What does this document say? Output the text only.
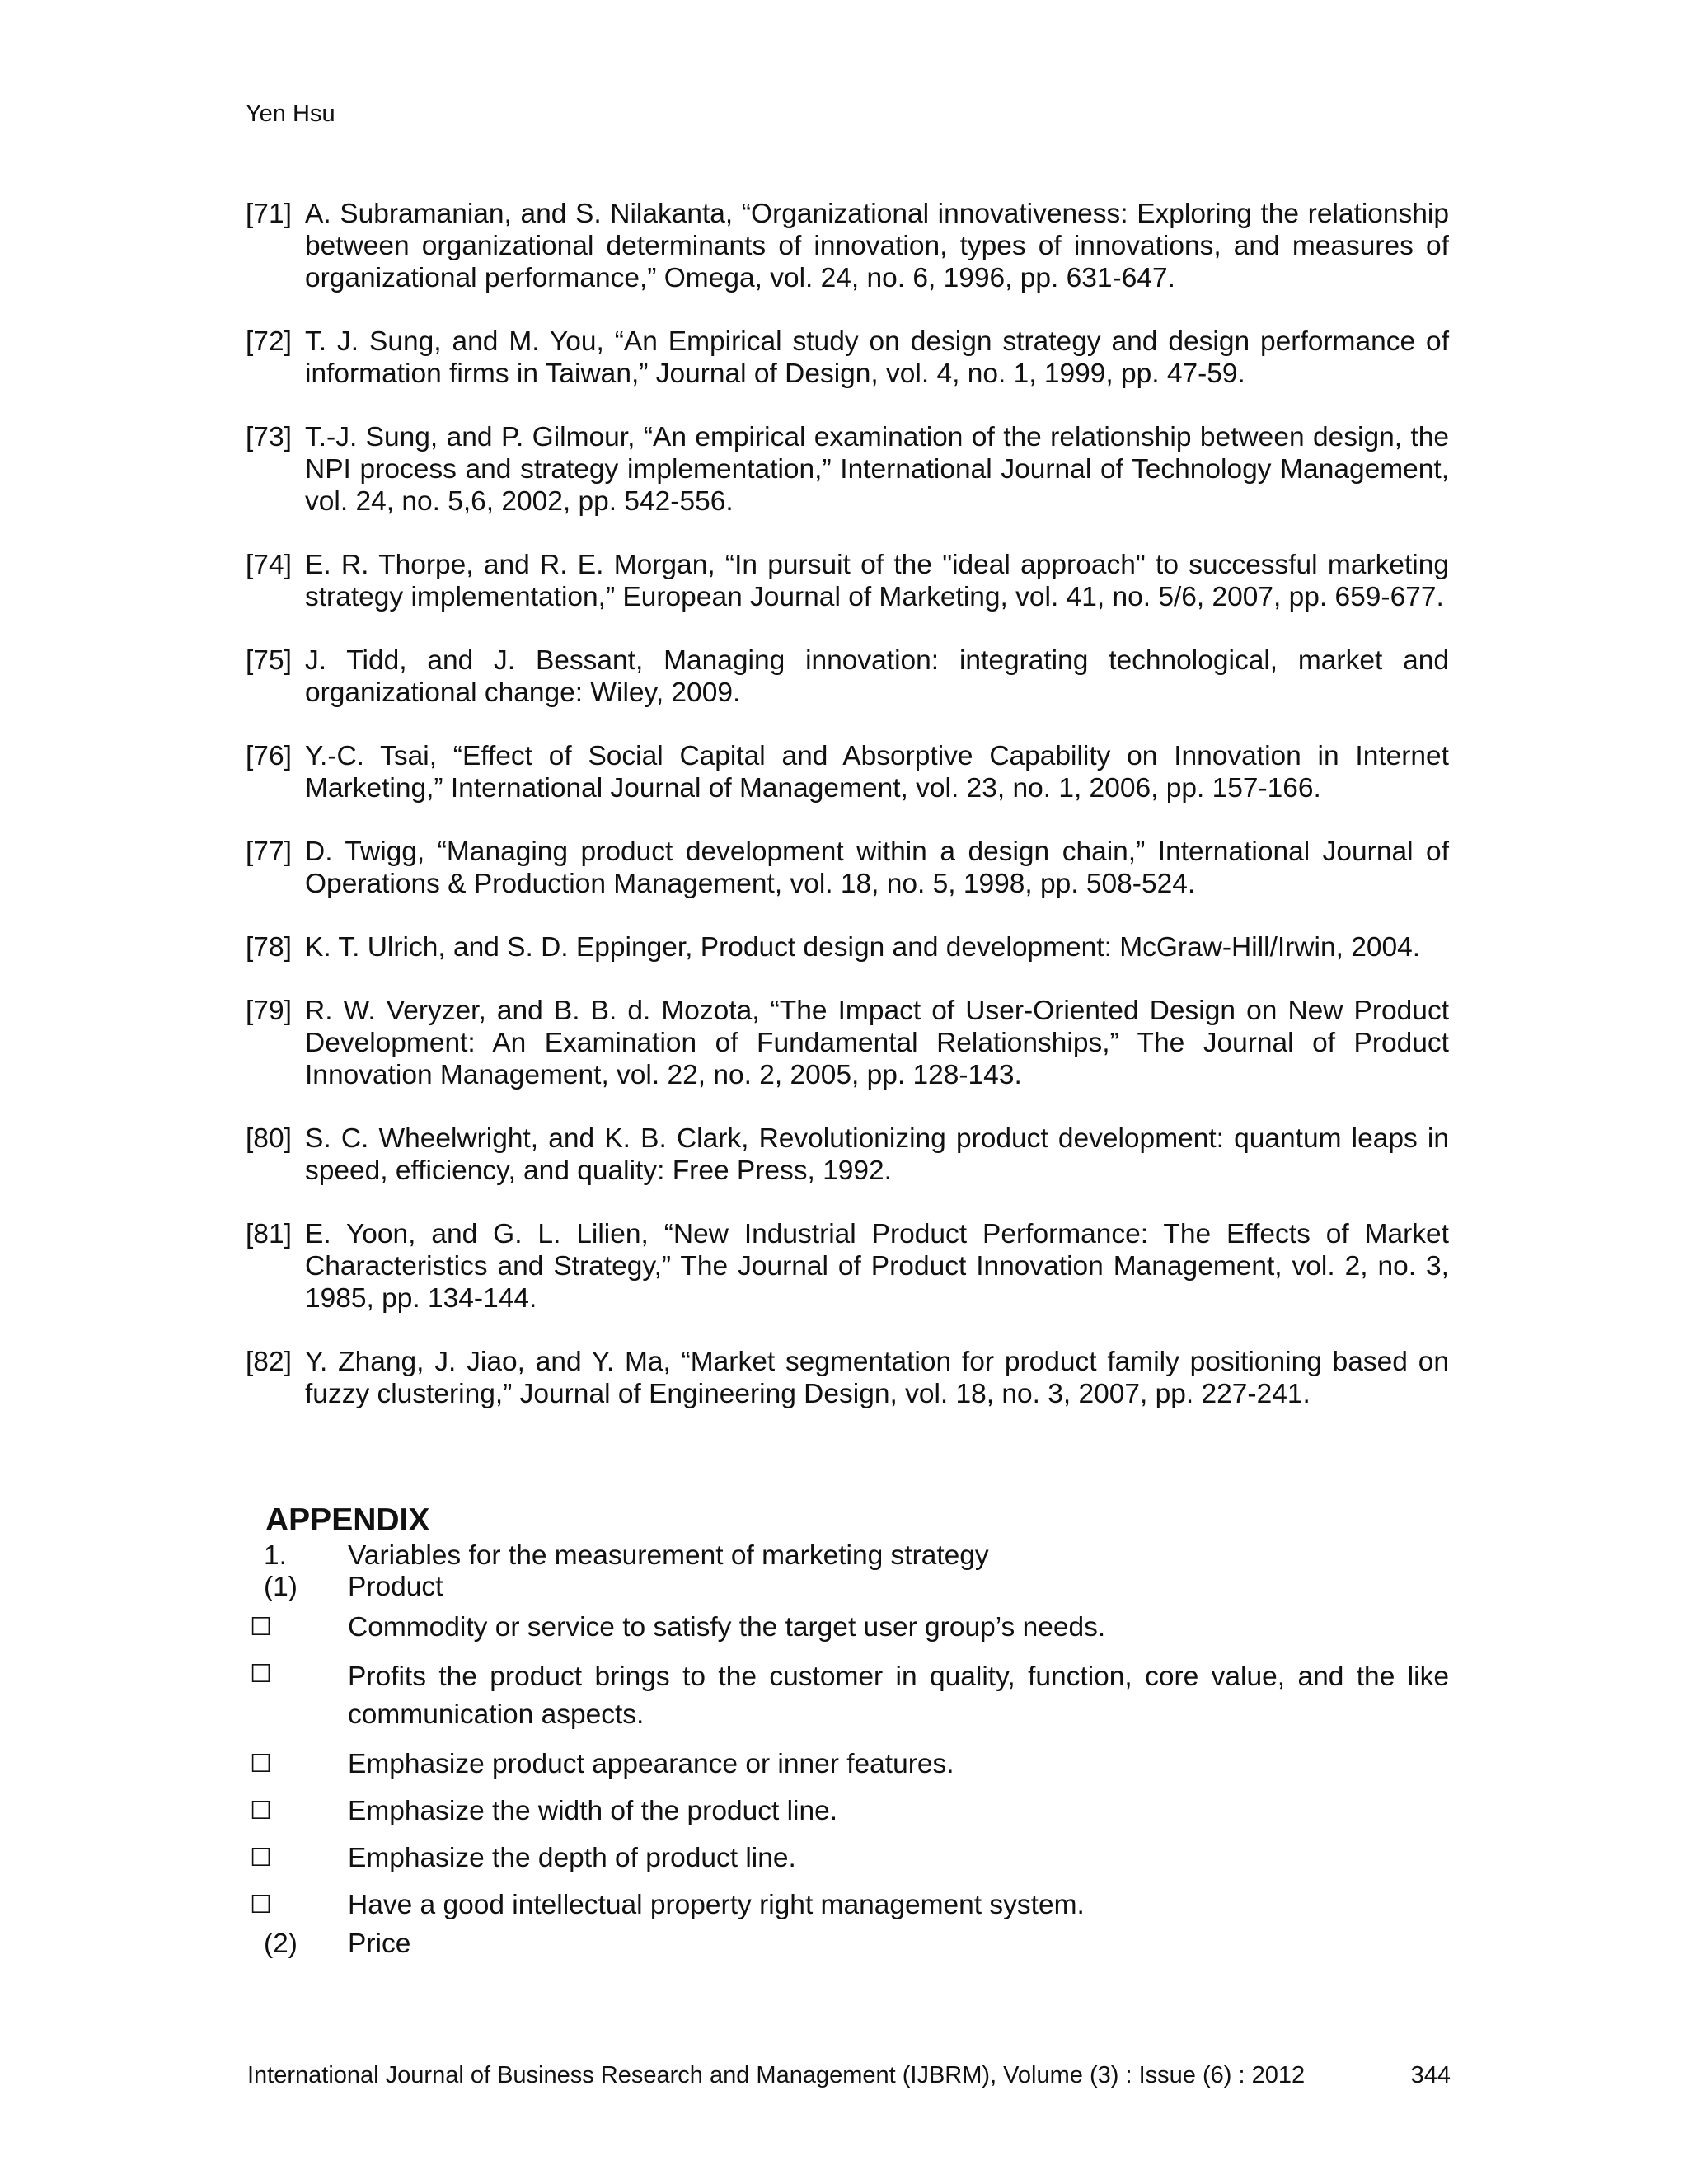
Yen Hsu
[71] A. Subramanian, and S. Nilakanta, “Organizational innovativeness: Exploring the relationship between organizational determinants of innovation, types of innovations, and measures of organizational performance,” Omega, vol. 24, no. 6, 1996, pp. 631-647.
[72] T. J. Sung, and M. You, “An Empirical study on design strategy and design performance of information firms in Taiwan,” Journal of Design, vol. 4, no. 1, 1999, pp. 47-59.
[73] T.-J. Sung, and P. Gilmour, “An empirical examination of the relationship between design, the NPI process and strategy implementation,” International Journal of Technology Management, vol. 24, no. 5,6, 2002, pp. 542-556.
[74] E. R. Thorpe, and R. E. Morgan, “In pursuit of the "ideal approach" to successful marketing strategy implementation,” European Journal of Marketing, vol. 41, no. 5/6, 2007, pp. 659-677.
[75] J. Tidd, and J. Bessant, Managing innovation: integrating technological, market and organizational change: Wiley, 2009.
[76] Y.-C. Tsai, “Effect of Social Capital and Absorptive Capability on Innovation in Internet Marketing,” International Journal of Management, vol. 23, no. 1, 2006, pp. 157-166.
[77] D. Twigg, “Managing product development within a design chain,” International Journal of Operations & Production Management, vol. 18, no. 5, 1998, pp. 508-524.
[78] K. T. Ulrich, and S. D. Eppinger, Product design and development: McGraw-Hill/Irwin, 2004.
[79] R. W. Veryzer, and B. B. d. Mozota, “The Impact of User-Oriented Design on New Product Development: An Examination of Fundamental Relationships,” The Journal of Product Innovation Management, vol. 22, no. 2, 2005, pp. 128-143.
[80] S. C. Wheelwright, and K. B. Clark, Revolutionizing product development: quantum leaps in speed, efficiency, and quality: Free Press, 1992.
[81] E. Yoon, and G. L. Lilien, “New Industrial Product Performance: The Effects of Market Characteristics and Strategy,” The Journal of Product Innovation Management, vol. 2, no. 3, 1985, pp. 134-144.
[82] Y. Zhang, J. Jiao, and Y. Ma, “Market segmentation for product family positioning based on fuzzy clustering,” Journal of Engineering Design, vol. 18, no. 3, 2007, pp. 227-241.
APPENDIX
1. Variables for the measurement of marketing strategy
(1) Product
☐	Commodity or service to satisfy the target user group’s needs.
☐	Profits the product brings to the customer in quality, function, core value, and the like communication aspects.
☐	Emphasize product appearance or inner features.
☐	Emphasize the width of the product line.
☐	Emphasize the depth of product line.
☐	Have a good intellectual property right management system.
(2) Price
International Journal of Business Research and Management (IJBRM), Volume (3) : Issue (6) : 2012	344
